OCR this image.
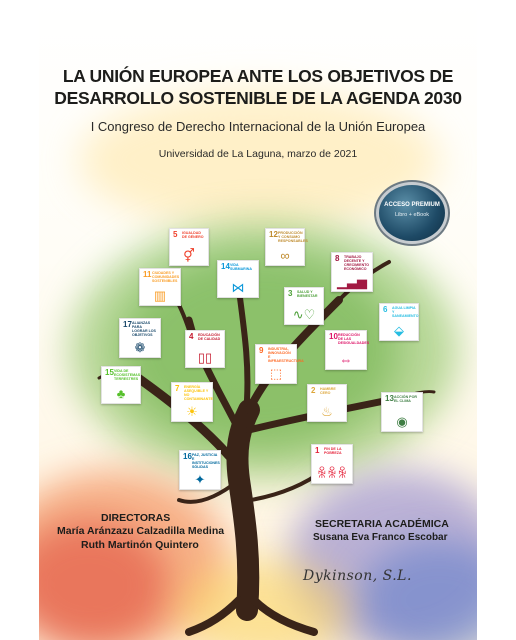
LA UNIÓN EUROPEA ANTE LOS OBJETIVOS DE
DESARROLLO SOSTENIBLE DE LA AGENDA 2030
I Congreso de Derecho Internacional de la Unión Europea
Universidad de La Laguna, marzo de 2021
ACCESO PREMIUM
Libro + eBook
5 IGUALDAD DE GÉNERO
⚥
12 PRODUCCIÓN Y CONSUMO RESPONSABLES
∞
11 CIUDADES Y COMUNIDADES SOSTENIBLES
▥
14 VIDA SUBMARINA
⋈
8 TRABAJO DECENTE Y CRECIMIENTO ECONÓMICO
▁▃▅
3 SALUD Y BIENESTAR
∿♡	6 AGUA LIMPIA Y SANEAMIENTO
⬙
17 ALIANZAS PARA LOGRAR LOS OBJETIVOS
❁
4 EDUCACIÓN DE CALIDAD
▯▯	9 INDUSTRIA, INNOVACIÓN E INFRAESTRUCTURA
⬚
10 REDUCCIÓN DE LAS DESIGUALDADES
⇔
15 VIDA DE ECOSISTEMAS TERRESTRES
♣	7 ENERGÍA ASEQUIBLE Y NO CONTAMINANTE
☀
2 HAMBRE CERO
♨
13 ACCIÓN POR EL CLIMA
◉
16 PAZ, JUSTICIA E INSTITUCIONES SÓLIDAS
✦
1 FIN DE LA POBREZA
ꆜꆜꆜ
DIRECTORAS
María Aránzazu Calzadilla Medina
Ruth Martinón Quintero
SECRETARIA ACADÉMICA
Susana Eva Franco Escobar
Dykinson, S.L.
